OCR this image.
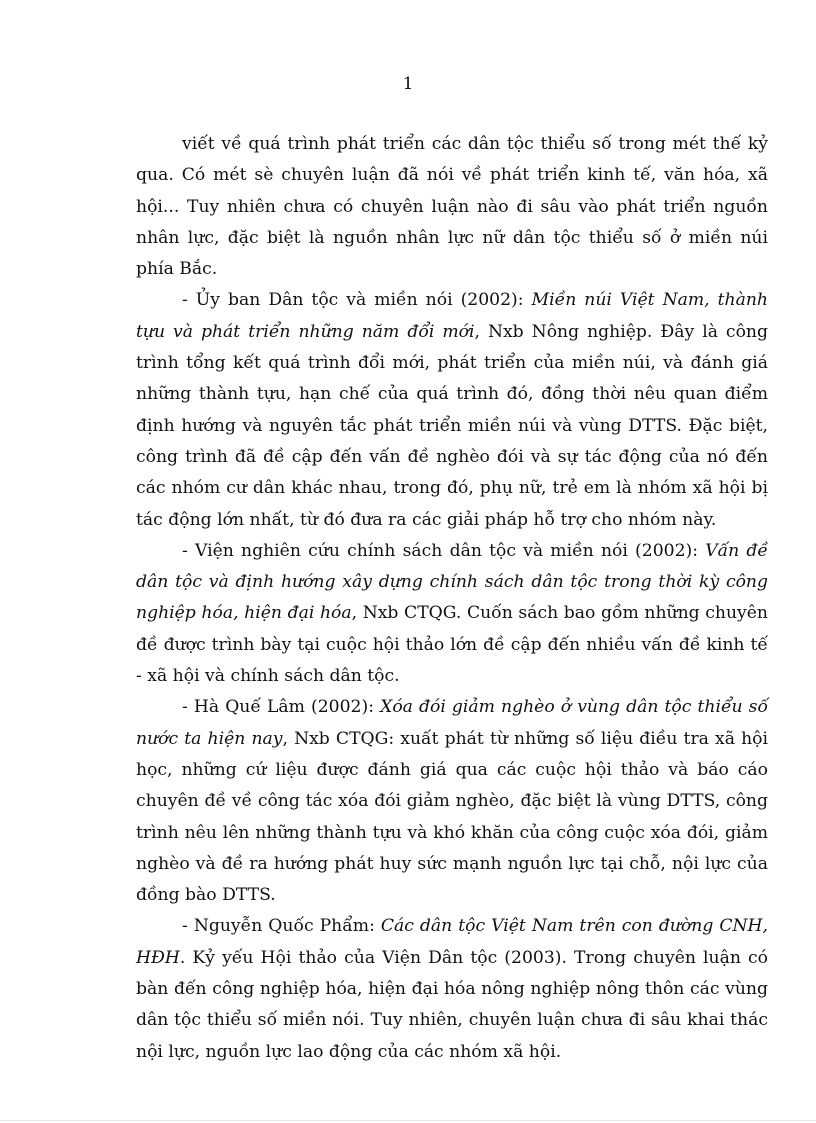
1

viết về quá trình phát triển các dân tộc thiểu số trong mét thế kỷ qua. Có mét sè chuyên luận đã nói về phát triển kinh tế, văn hóa, xã hội... Tuy nhiên chưa có chuyên luận nào đi sâu vào phát triển nguồn nhân lực, đặc biệt là nguồn nhân lực nữ dân tộc thiểu số ở miền núi phía Bắc.

- Ủy ban Dân tộc và miền nói (2002): Miền núi Việt Nam, thành tựu và phát triển những năm đổi mới, Nxb Nông nghiệp. Đây là công trình tổng kết quá trình đổi mới, phát triển của miền núi, và đánh giá những thành tựu, hạn chế của quá trình đó, đồng thời nêu quan điểm định hướng và nguyên tắc phát triển miền núi và vùng DTTS. Đặc biệt, công trình đã đề cập đến vấn đề nghèo đói và sự tác động của nó đến các nhóm cư dân khác nhau, trong đó, phụ nữ, trẻ em là nhóm xã hội bị tác động lớn nhất, từ đó đưa ra các giải pháp hỗ trợ cho nhóm này.

- Viện nghiên cứu chính sách dân tộc và miền nói (2002): Vấn đề dân tộc và định hướng xây dựng chính sách dân tộc trong thời kỳ công nghiệp hóa, hiện đại hóa, Nxb CTQG. Cuốn sách bao gồm những chuyên đề được trình bày tại cuộc hội thảo lớn đề cập đến nhiều vấn đề kinh tế - xã hội và chính sách dân tộc.

- Hà Quế Lâm (2002): Xóa đói giảm nghèo ở vùng dân tộc thiểu số nước ta hiện nay, Nxb CTQG: xuất phát từ những số liệu điều tra xã hội học, những cứ liệu được đánh giá qua các cuộc hội thảo và báo cáo chuyên đề về công tác xóa đói giảm nghèo, đặc biệt là vùng DTTS, công trình nêu lên những thành tựu và khó khăn của công cuộc xóa đói, giảm nghèo và đề ra hướng phát huy sức mạnh nguồn lực tại chỗ, nội lực của đồng bào DTTS.

- Nguyễn Quốc Phẩm: Các dân tộc Việt Nam trên con đường CNH, HĐH. Kỷ yếu Hội thảo của Viện Dân tộc (2003). Trong chuyên luận có bàn đến công nghiệp hóa, hiện đại hóa nông nghiệp nông thôn các vùng dân tộc thiểu số miền nói. Tuy nhiên, chuyên luận chưa đi sâu khai thác nội lực, nguồn lực lao động của các nhóm xã hội.
